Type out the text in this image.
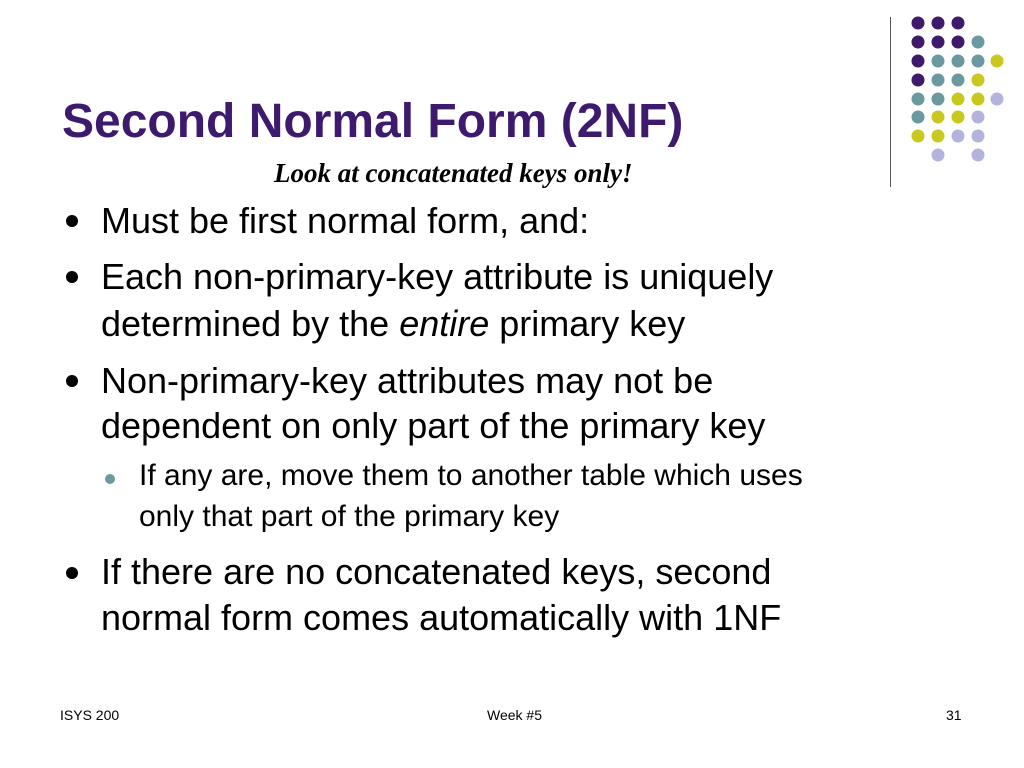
Second Normal Form (2NF)
Look at concatenated keys only!
Must be first normal form, and:
Each non-primary-key attribute is uniquely
determined by the entire primary key
Non-primary-key attributes may not be
dependent on only part of the primary key
If any are, move them to another table which uses
only that part of the primary key
If there are no concatenated keys, second
normal form comes automatically with 1NF
ISYS 200	Week #5	31
